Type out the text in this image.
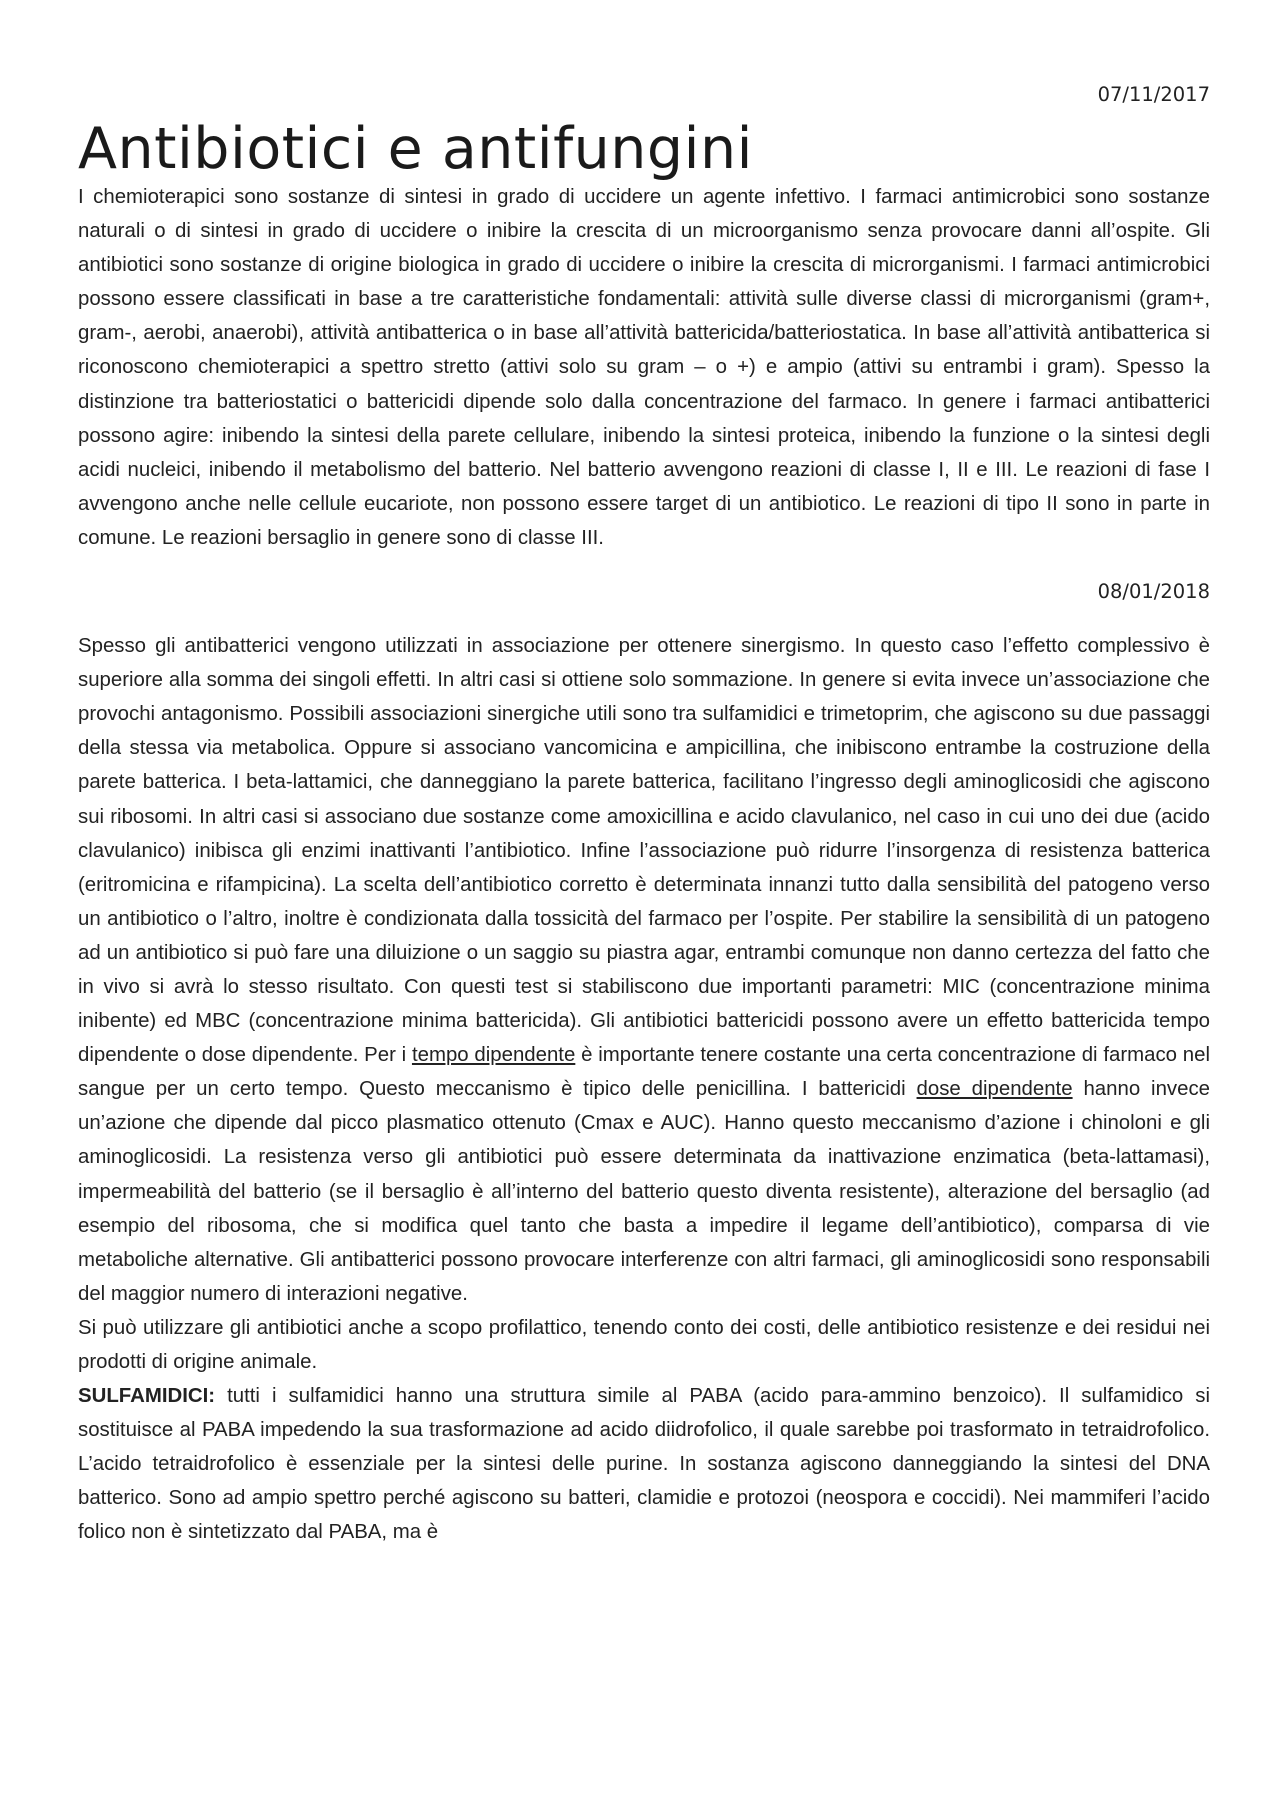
07/11/2017

Antibiotici e antifungini

I chemioterapici sono sostanze di sintesi in grado di uccidere un agente infettivo. I farmaci antimicrobici sono sostanze naturali o di sintesi in grado di uccidere o inibire la crescita di un microorganismo senza provocare danni all’ospite. Gli antibiotici sono sostanze di origine biologica in grado di uccidere o inibire la crescita di microrganismi. I farmaci antimicrobici possono essere classificati in base a tre caratteristiche fondamentali: attività sulle diverse classi di microrganismi (gram+, gram-, aerobi, anaerobi), attività antibatterica o in base all’attività battericida/batteriostatica. In base all’attività antibatterica si riconoscono chemioterapici a spettro stretto (attivi solo su gram – o +) e ampio (attivi su entrambi i gram). Spesso la distinzione tra batteriostatici o battericidi dipende solo dalla concentrazione del farmaco. In genere i farmaci antibatterici possono agire: inibendo la sintesi della parete cellulare, inibendo la sintesi proteica, inibendo la funzione o la sintesi degli acidi nucleici, inibendo il metabolismo del batterio. Nel batterio avvengono reazioni di classe I, II e III. Le reazioni di fase I avvengono anche nelle cellule eucariote, non possono essere target di un antibiotico. Le reazioni di tipo II sono in parte in comune. Le reazioni bersaglio in genere sono di classe III.

08/01/2018

Spesso gli antibatterici vengono utilizzati in associazione per ottenere sinergismo. In questo caso l’effetto complessivo è superiore alla somma dei singoli effetti. In altri casi si ottiene solo sommazione. In genere si evita invece un’associazione che provochi antagonismo. Possibili associazioni sinergiche utili sono tra sulfamidici e trimetoprim, che agiscono su due passaggi della stessa via metabolica. Oppure si associano vancomicina e ampicillina, che inibiscono entrambe la costruzione della parete batterica. I beta-lattamici, che danneggiano la parete batterica, facilitano l’ingresso degli aminoglicosidi che agiscono sui ribosomi. In altri casi si associano due sostanze come amoxicillina e acido clavulanico, nel caso in cui uno dei due (acido clavulanico) inibisca gli enzimi inattivanti l’antibiotico. Infine l’associazione può ridurre l’insorgenza di resistenza batterica (eritromicina e rifampicina). La scelta dell’antibiotico corretto è determinata innanzi tutto dalla sensibilità del patogeno verso un antibiotico o l’altro, inoltre è condizionata dalla tossicità del farmaco per l’ospite. Per stabilire la sensibilità di un patogeno ad un antibiotico si può fare una diluizione o un saggio su piastra agar, entrambi comunque non danno certezza del fatto che in vivo si avrà lo stesso risultato. Con questi test si stabiliscono due importanti parametri: MIC (concentrazione minima inibente) ed MBC (concentrazione minima battericida). Gli antibiotici battericidi possono avere un effetto battericida tempo dipendente o dose dipendente. Per i tempo dipendente è importante tenere costante una certa concentrazione di farmaco nel sangue per un certo tempo. Questo meccanismo è tipico delle penicillina. I battericidi dose dipendente hanno invece un’azione che dipende dal picco plasmatico ottenuto (Cmax e AUC). Hanno questo meccanismo d’azione i chinoloni e gli aminoglicosidi. La resistenza verso gli antibiotici può essere determinata da inattivazione enzimatica (beta-lattamasi), impermeabilità del batterio (se il bersaglio è all’interno del batterio questo diventa resistente), alterazione del bersaglio (ad esempio del ribosoma, che si modifica quel tanto che basta a impedire il legame dell’antibiotico), comparsa di vie metaboliche alternative. Gli antibatterici possono provocare interferenze con altri farmaci, gli aminoglicosidi sono responsabili del maggior numero di interazioni negative.

Si può utilizzare gli antibiotici anche a scopo profilattico, tenendo conto dei costi, delle antibiotico resistenze e dei residui nei prodotti di origine animale.

SULFAMIDICI: tutti i sulfamidici hanno una struttura simile al PABA (acido para-ammino benzoico). Il sulfamidico si sostituisce al PABA impedendo la sua trasformazione ad acido diidrofolico, il quale sarebbe poi trasformato in tetraidrofolico. L’acido tetraidrofolico è essenziale per la sintesi delle purine. In sostanza agiscono danneggiando la sintesi del DNA batterico. Sono ad ampio spettro perché agiscono su batteri, clamidie e protozoi (neospora e coccidi). Nei mammiferi l’acido folico non è sintetizzato dal PABA, ma è
